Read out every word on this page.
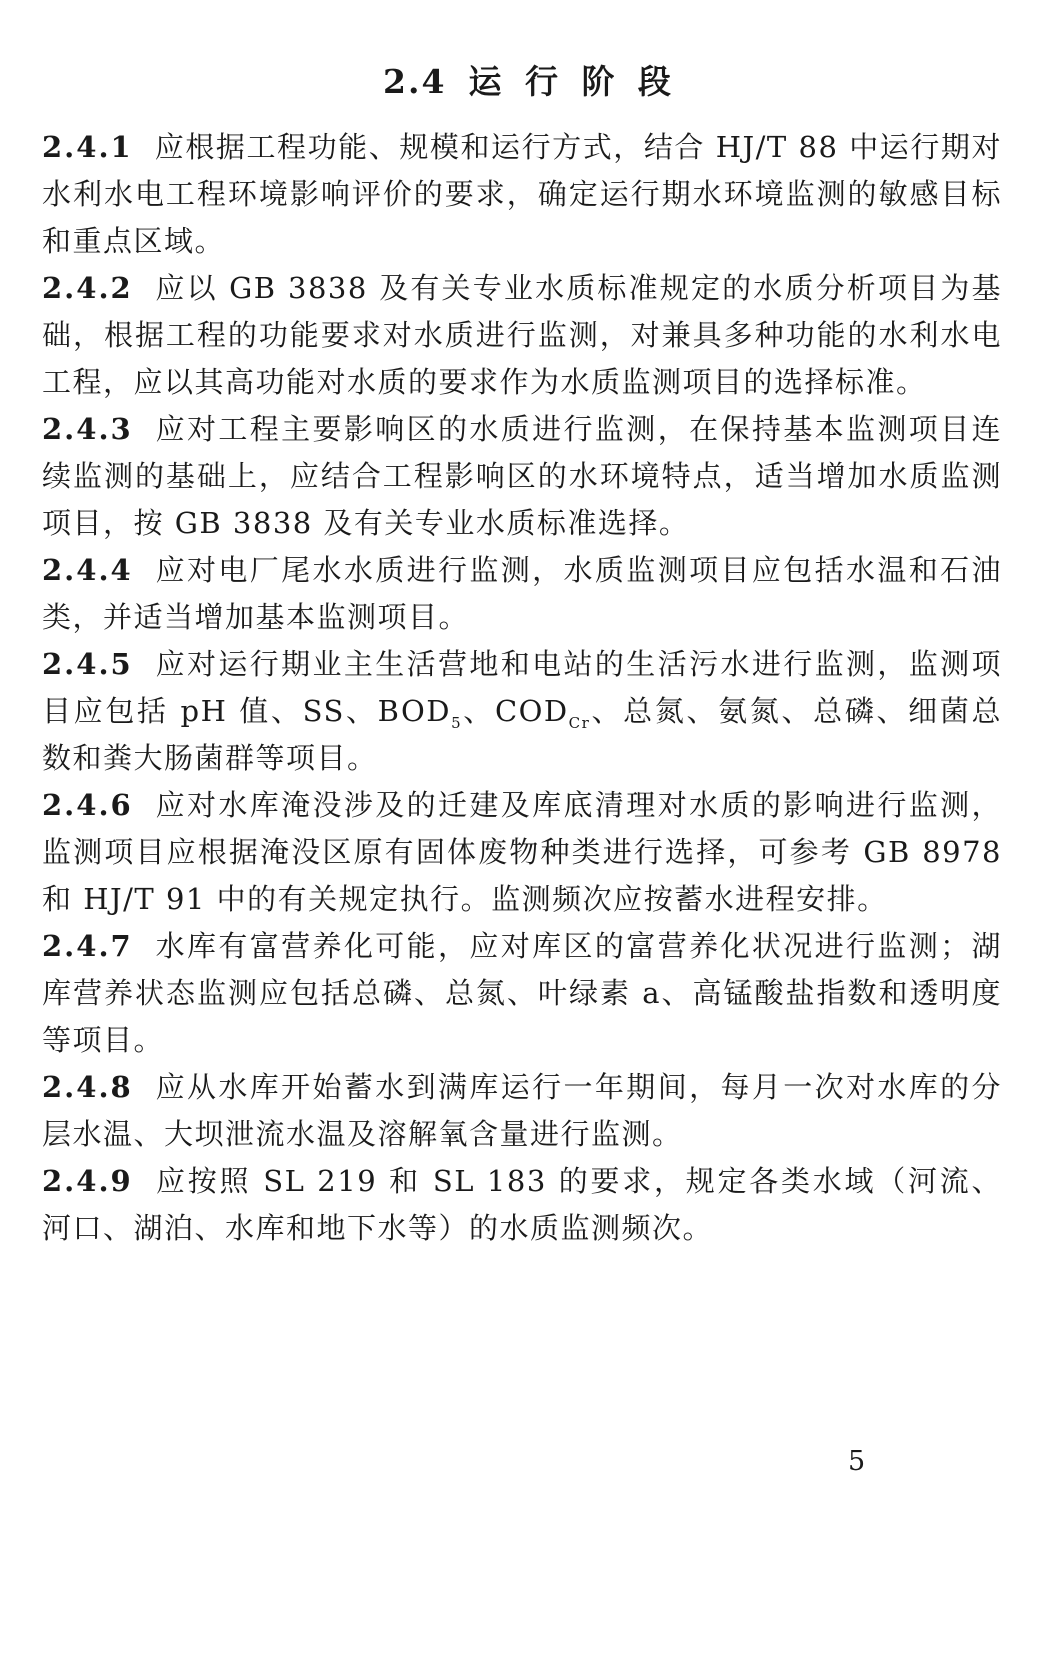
2.4 运 行 阶 段

2.4.1 应根据工程功能、规模和运行方式，结合 HJ/T 88 中运行期对水利水电工程环境影响评价的要求，确定运行期水环境监测的敏感目标和重点区域。

2.4.2 应以 GB 3838 及有关专业水质标准规定的水质分析项目为基础，根据工程的功能要求对水质进行监测，对兼具多种功能的水利水电工程，应以其高功能对水质的要求作为水质监测项目的选择标准。

2.4.3 应对工程主要影响区的水质进行监测，在保持基本监测项目连续监测的基础上，应结合工程影响区的水环境特点，适当增加水质监测项目，按 GB 3838 及有关专业水质标准选择。

2.4.4 应对电厂尾水水质进行监测，水质监测项目应包括水温和石油类，并适当增加基本监测项目。

2.4.5 应对运行期业主生活营地和电站的生活污水进行监测，监测项目应包括 pH 值、SS、$BOD_5$、$COD_{Cr}$、总氮、氨氮、总磷、细菌总数和粪大肠菌群等项目。

2.4.6 应对水库淹没涉及的迁建及库底清理对水质的影响进行监测，监测项目应根据淹没区原有固体废物种类进行选择，可参考 GB 8978 和 HJ/T 91 中的有关规定执行。监测频次应按蓄水进程安排。

2.4.7 水库有富营养化可能，应对库区的富营养化状况进行监测；湖库营养状态监测应包括总磷、总氮、叶绿素 a、高锰酸盐指数和透明度等项目。

2.4.8 应从水库开始蓄水到满库运行一年期间，每月一次对水库的分层水温、大坝泄流水温及溶解氧含量进行监测。

2.4.9 应按照 SL 219 和 SL 183 的要求，规定各类水域（河流、河口、湖泊、水库和地下水等）的水质监测频次。

5
